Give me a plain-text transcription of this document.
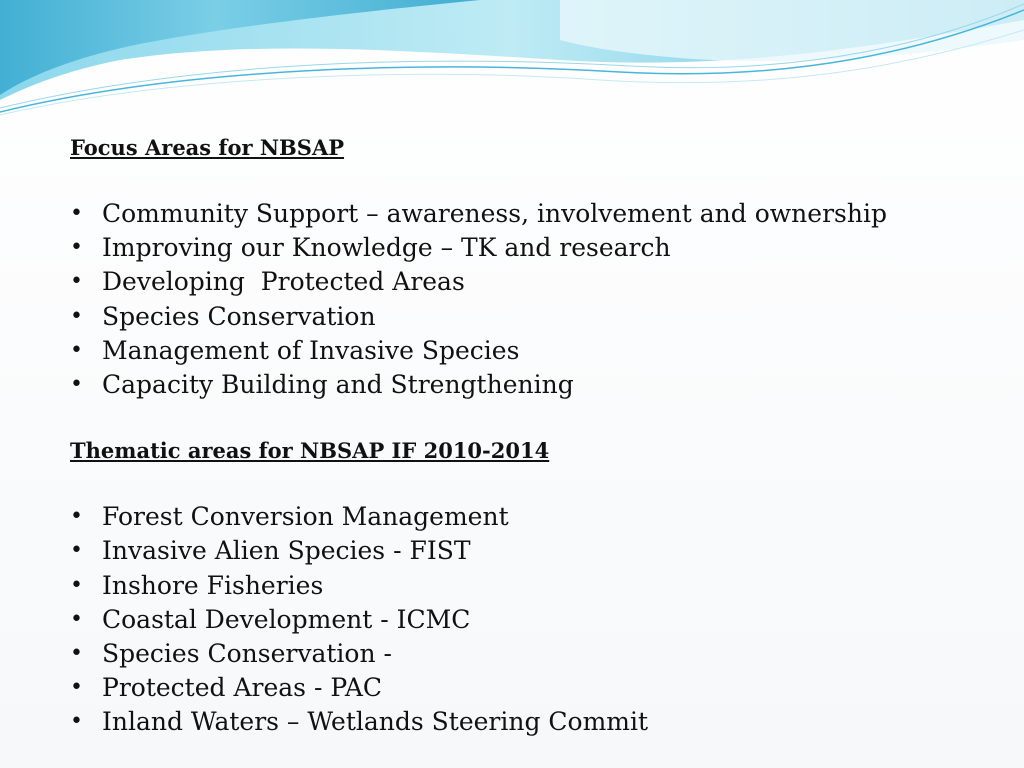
Focus Areas for NBSAP
• Community Support – awareness, involvement and ownership
• Improving our Knowledge – TK and research
• Developing  Protected Areas
• Species Conservation
• Management of Invasive Species
• Capacity Building and Strengthening
Thematic areas for NBSAP IF 2010-2014
• Forest Conversion Management
• Invasive Alien Species - FIST
• Inshore Fisheries
• Coastal Development - ICMC
• Species Conservation -
• Protected Areas - PAC
• Inland Waters – Wetlands Steering Commit
